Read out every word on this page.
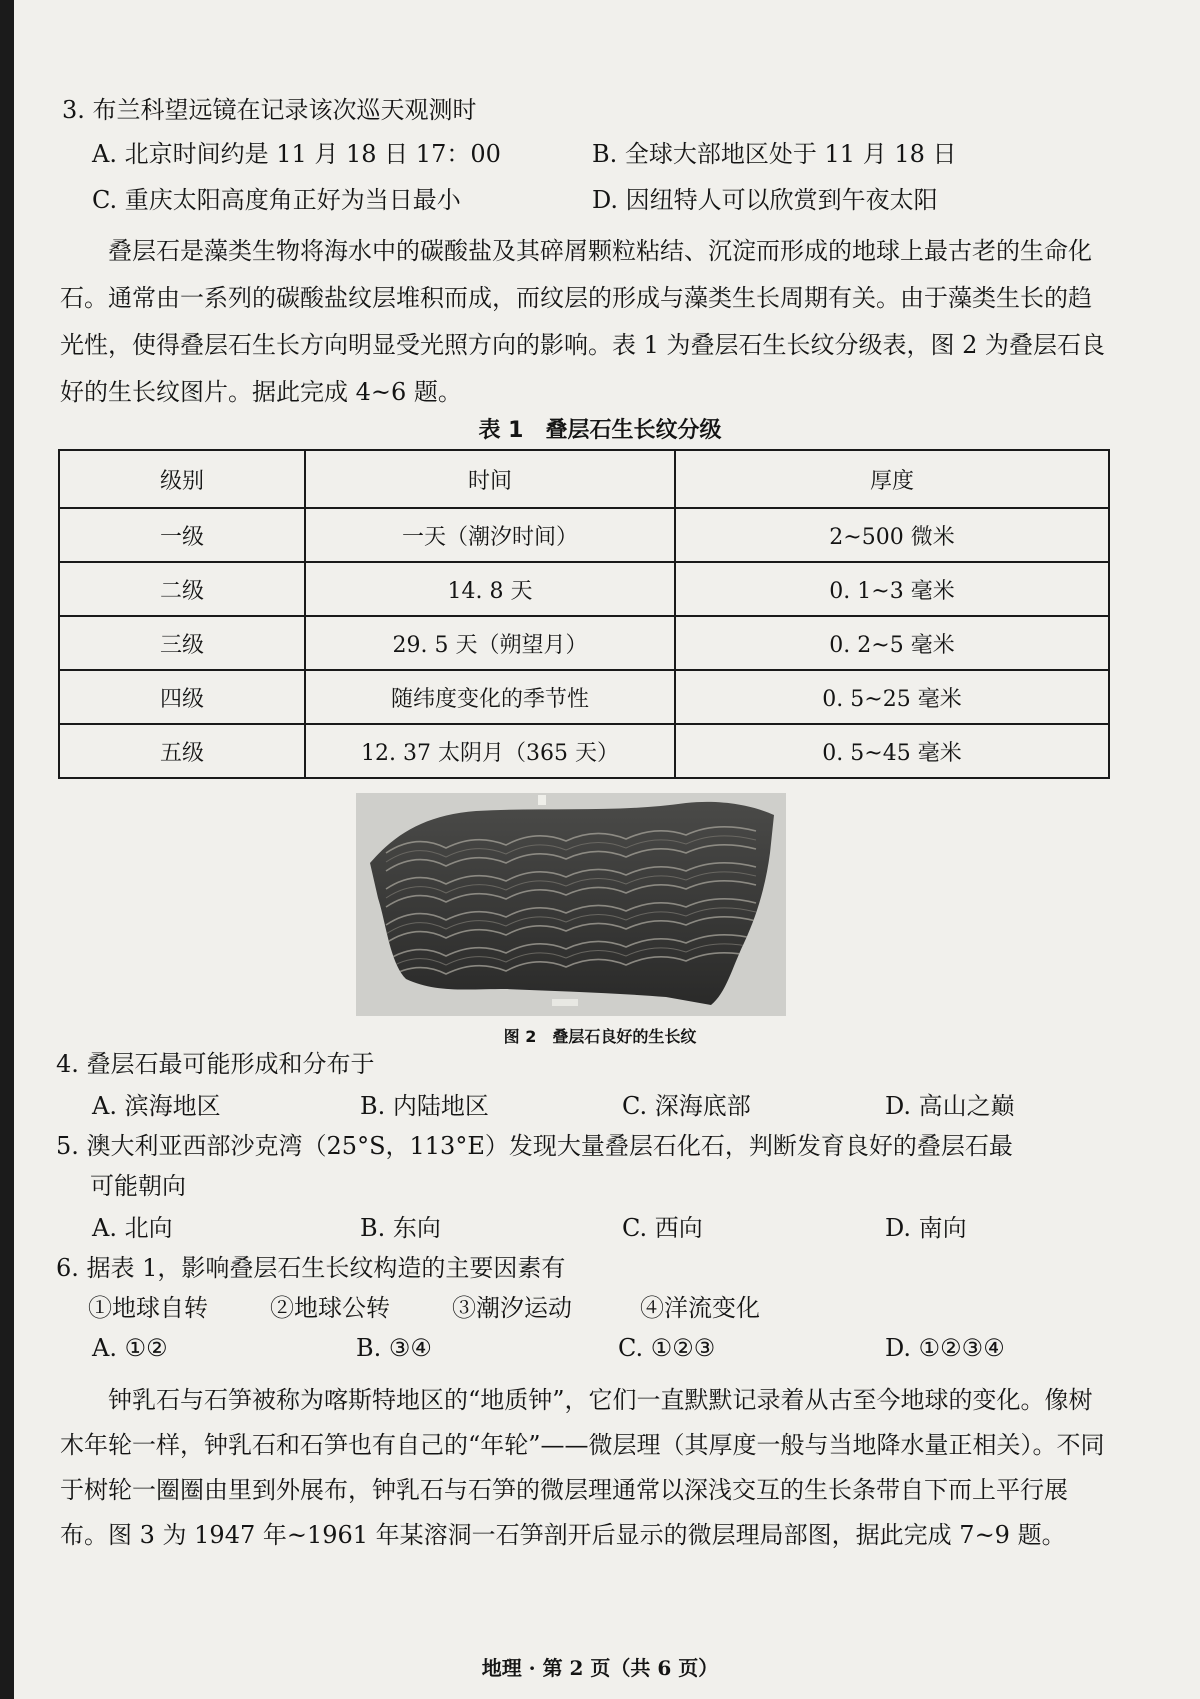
3. 布兰科望远镜在记录该次巡天观测时
A. 北京时间约是 11 月 18 日 17：00	B. 全球大部地区处于 11 月 18 日
C. 重庆太阳高度角正好为当日最小	D. 因纽特人可以欣赏到午夜太阳

叠层石是藻类生物将海水中的碳酸盐及其碎屑颗粒粘结、沉淀而形成的地球上最古老的生命化石。通常由一系列的碳酸盐纹层堆积而成，而纹层的形成与藻类生长周期有关。由于藻类生长的趋光性，使得叠层石生长方向明显受光照方向的影响。表 1 为叠层石生长纹分级表，图 2 为叠层石良好的生长纹图片。据此完成 4~6 题。

表 1　叠层石生长纹分级
级别	时间	厚度
一级	一天（潮汐时间）	2~500 微米
二级	14. 8 天	0. 1~3 毫米
三级	29. 5 天（朔望月）	0. 2~5 毫米
四级	随纬度变化的季节性	0. 5~25 毫米
五级	12. 37 太阴月（365 天）	0. 5~45 毫米
图 2　叠层石良好的生长纹
4. 叠层石最可能形成和分布于
A. 滨海地区	B. 内陆地区	C. 深海底部	D. 高山之巅
5. 澳大利亚西部沙克湾（25°S，113°E）发现大量叠层石化石，判断发育良好的叠层石最
可能朝向
A. 北向	B. 东向	C. 西向	D. 南向
6. 据表 1，影响叠层石生长纹构造的主要因素有
①地球自转	②地球公转	③潮汐运动	④洋流变化
A. ①②	B. ③④	C. ①②③	D. ①②③④

钟乳石与石笋被称为喀斯特地区的“地质钟”，它们一直默默记录着从古至今地球的变化。像树木年轮一样，钟乳石和石笋也有自己的“年轮”——微层理（其厚度一般与当地降水量正相关）。不同于树轮一圈圈由里到外展布，钟乳石与石笋的微层理通常以深浅交互的生长条带自下而上平行展布。图 3 为 1947 年~1961 年某溶洞一石笋剖开后显示的微层理局部图，据此完成 7~9 题。

地理 · 第 2 页（共 6 页）
